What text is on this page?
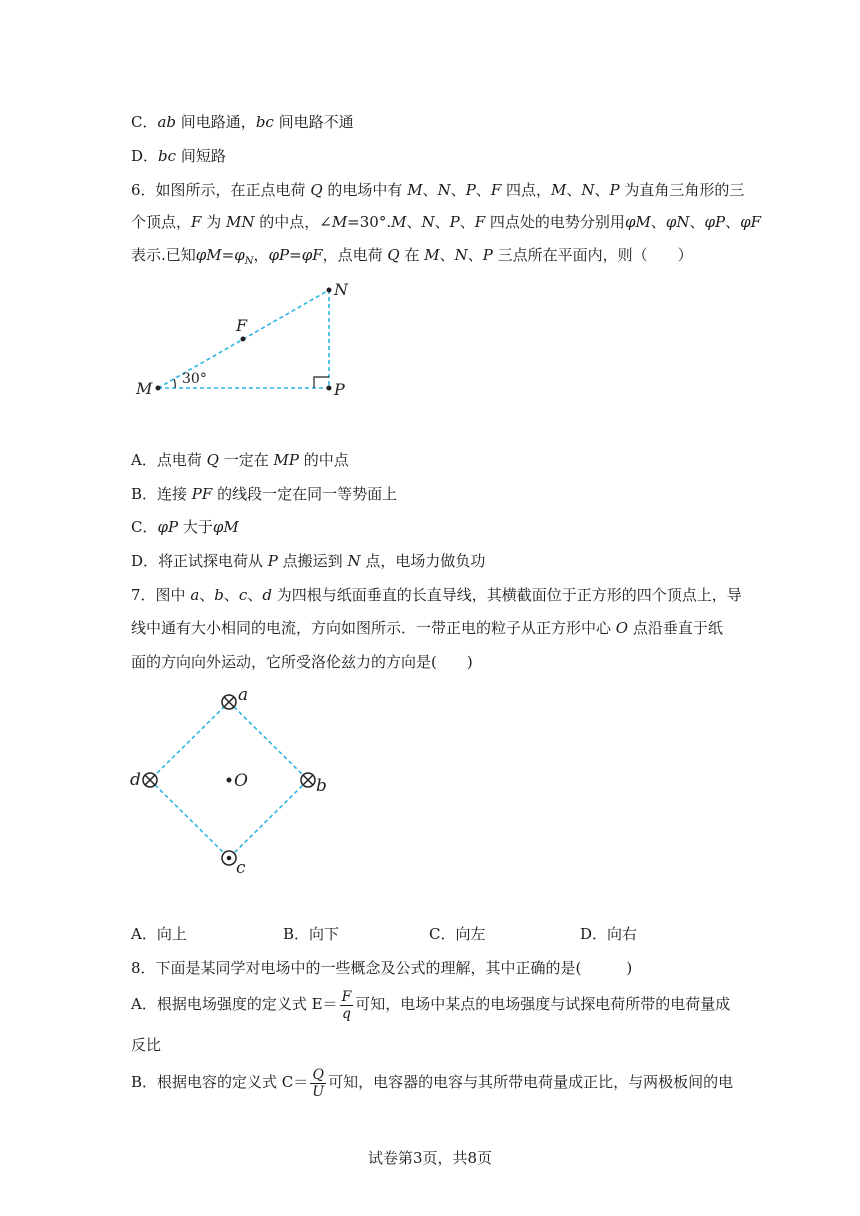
C．ab 间电路通，bc 间电路不通
D．bc 间短路
6．如图所示，在正点电荷 Q 的电场中有 M、N、P、F 四点，M、N、P 为直角三角形的三
个顶点，F 为 MN 的中点，∠M=30°.M、N、P、F 四点处的电势分别用φM、φN、φP、φF
表示.已知$\varphi M=\varphi_N$，φP=φF，点电荷 Q 在 M、N、P 三点所在平面内，则（　　）
N
F
M	P
30°
A．点电荷 Q 一定在 MP 的中点
B．连接 PF 的线段一定在同一等势面上
C．φP 大于φM
D．将正试探电荷从 P 点搬运到 N 点，电场力做负功
7．图中 a、b、c、d 为四根与纸面垂直的长直导线，其横截面位于正方形的四个顶点上，导
线中通有大小相同的电流，方向如图所示．一带正电的粒子从正方形中心 O 点沿垂直于纸
面的方向向外运动，它所受洛伦兹力的方向是(　　)
a
b
c
d	O
A．向上	B．向下	C．向左	D．向右
8．下面是某同学对电场中的一些概念及公式的理解，其中正确的是(　　　)
A．根据电场强度的定义式 $E= \frac{F}{q}$ 可知，电场中某点的电场强度与试探电荷所带的电荷量成
反比
B．根据电容的定义式 $C= \frac{Q}{U}$ 可知，电容器的电容与其所带电荷量成正比，与两极板间的电
试卷第3页，共8页
